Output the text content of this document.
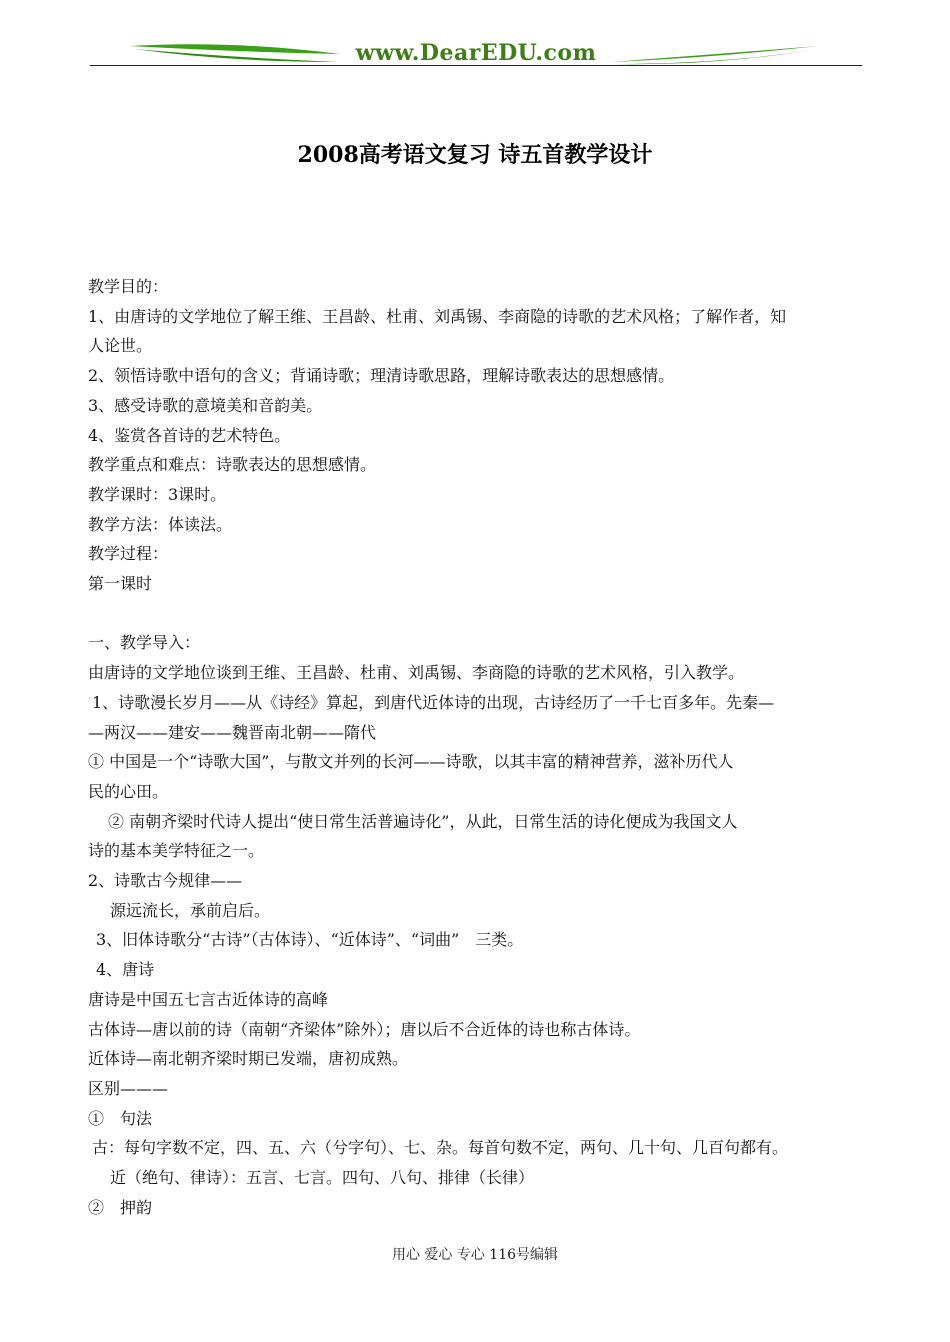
www.DearEDU.com
2008高考语文复习 诗五首教学设计

教学目的：

1、由唐诗的文学地位了解王维、王昌龄、杜甫、刘禹锡、李商隐的诗歌的艺术风格；了解作者，知

人论世。

2、领悟诗歌中语句的含义；背诵诗歌；理清诗歌思路，理解诗歌表达的思想感情。

3、感受诗歌的意境美和音韵美。

4、鉴赏各首诗的艺术特色。

教学重点和难点：诗歌表达的思想感情。

教学课时：3课时。

教学方法：体读法。

教学过程：

第一课时

一、教学导入：

由唐诗的文学地位谈到王维、王昌龄、杜甫、刘禹锡、李商隐的诗歌的艺术风格，引入教学。

1、诗歌漫长岁月——从《诗经》算起，到唐代近体诗的出现，古诗经历了一千七百多年。先秦—

—两汉——建安——魏晋南北朝——隋代

① 中国是一个“诗歌大国”，与散文并列的长河——诗歌，以其丰富的精神营养，滋补历代人

民的心田。

② 南朝齐梁时代诗人提出“使日常生活普遍诗化”，从此，日常生活的诗化便成为我国文人

诗的基本美学特征之一。

2、诗歌古今规律——

源远流长，承前启后。

3、旧体诗歌分“古诗”（古体诗）、“近体诗”、“词曲”　三类。

4、唐诗

唐诗是中国五七言古近体诗的高峰

古体诗—唐以前的诗（南朝“齐梁体”除外）；唐以后不合近体的诗也称古体诗。

近体诗—南北朝齐梁时期已发端，唐初成熟。

区别———

①　句法

古：每句字数不定，四、五、六（兮字句）、七、杂。每首句数不定，两句、几十句、几百句都有。

近（绝句、律诗）：五言、七言。四句、八句、排律（长律）

②　押韵

用心 爱心 专心 116号编辑
